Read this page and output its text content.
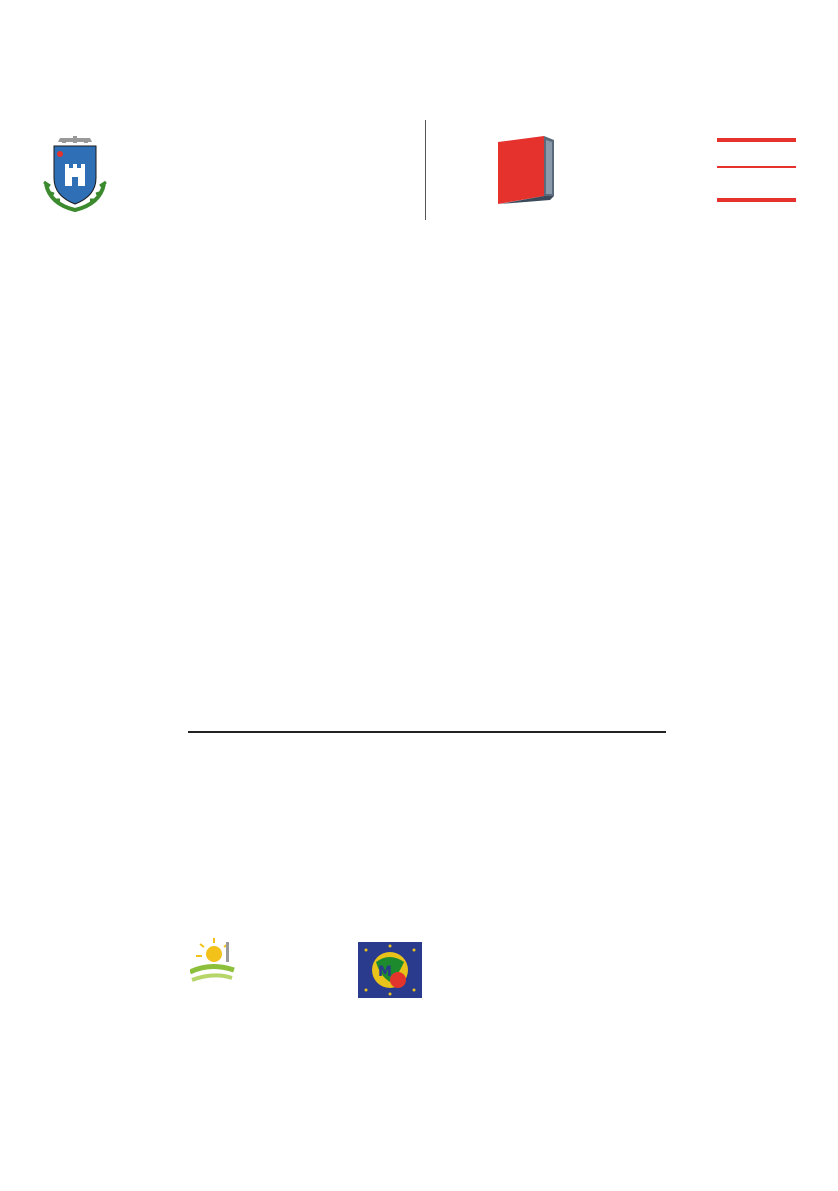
M
